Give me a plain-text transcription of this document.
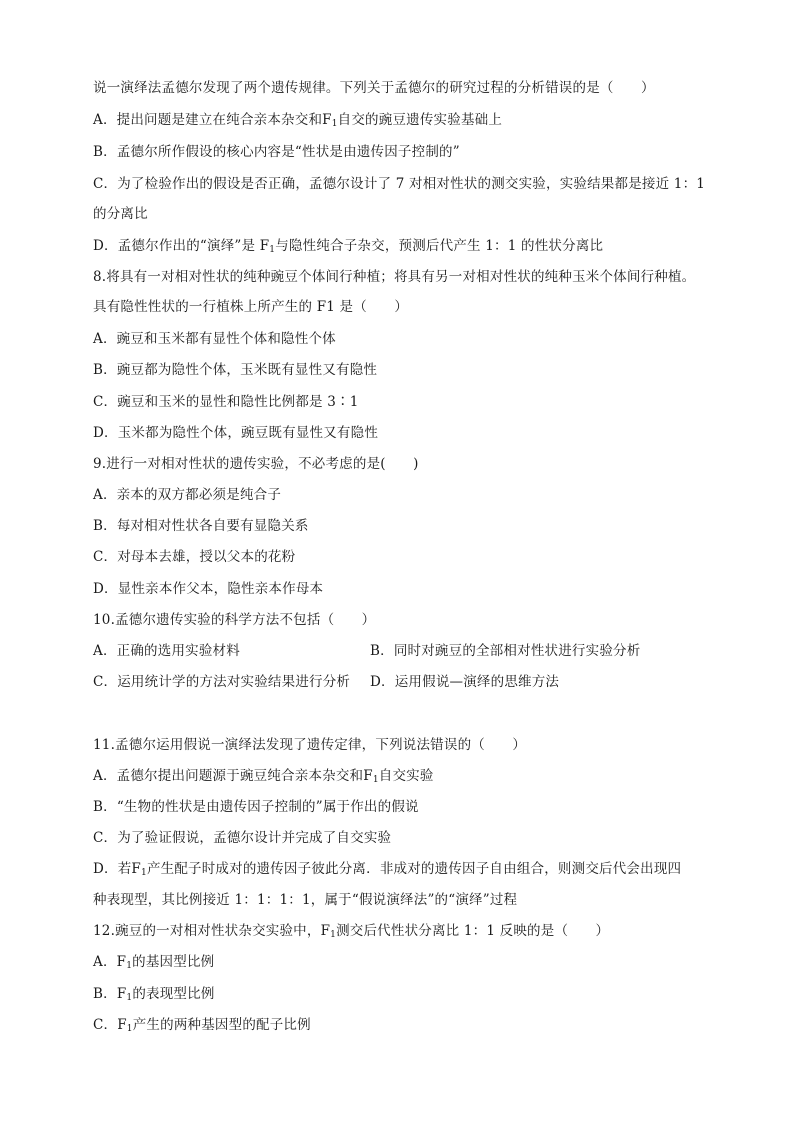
说一演绎法孟德尔发现了两个遗传规律。下列关于孟德尔的研究过程的分析错误的是（　　）
A．提出问题是建立在纯合亲本杂交和$F_1$自交的豌豆遗传实验基础上
B．孟德尔所作假设的核心内容是“性状是由遗传因子控制的”
C．为了检验作出的假设是否正确，孟德尔设计了 7 对相对性状的测交实验，实验结果都是接近 1：1
的分离比
D．孟德尔作出的“演绎”是 $F_1$与隐性纯合子杂交，预测后代产生 1：1 的性状分离比
8.将具有一对相对性状的纯种豌豆个体间行种植；将具有另一对相对性状的纯种玉米个体间行种植。
具有隐性性状的一行植株上所产生的 F1 是（　　）
A．豌豆和玉米都有显性个体和隐性个体
B．豌豆都为隐性个体，玉米既有显性又有隐性
C．豌豆和玉米的显性和隐性比例都是 3∶1
D．玉米都为隐性个体，豌豆既有显性又有隐性
9.进行一对相对性状的遗传实验，不必考虑的是(　　)
A．亲本的双方都必须是纯合子
B．每对相对性状各自要有显隐关系
C．对母本去雄，授以父本的花粉
D．显性亲本作父本，隐性亲本作母本
10.孟德尔遗传实验的科学方法不包括（　　）
A．正确的选用实验材料	B．同时对豌豆的全部相对性状进行实验分析
C．运用统计学的方法对实验结果进行分析 D．运用假说—演绎的思维方法
11.孟德尔运用假说一演绎法发现了遗传定律，下列说法错误的（　　）
A．孟德尔提出问题源于豌豆纯合亲本杂交和$F_1$自交实验
B．“生物的性状是由遗传因子控制的”属于作出的假说
C．为了验证假说，孟德尔设计并完成了自交实验
D．若$F_1$产生配子时成对的遗传因子彼此分离．非成对的遗传因子自由组合，则测交后代会出现四
种表现型，其比例接近 1：1：1：1，属于“假说演绎法”的“演绎”过程
12.豌豆的一对相对性状杂交实验中，$F_1$测交后代性状分离比 1：1 反映的是（　　）
A．$F_1$的基因型比例
B．$F_1$的表现型比例
C．$F_1$产生的两种基因型的配子比例
